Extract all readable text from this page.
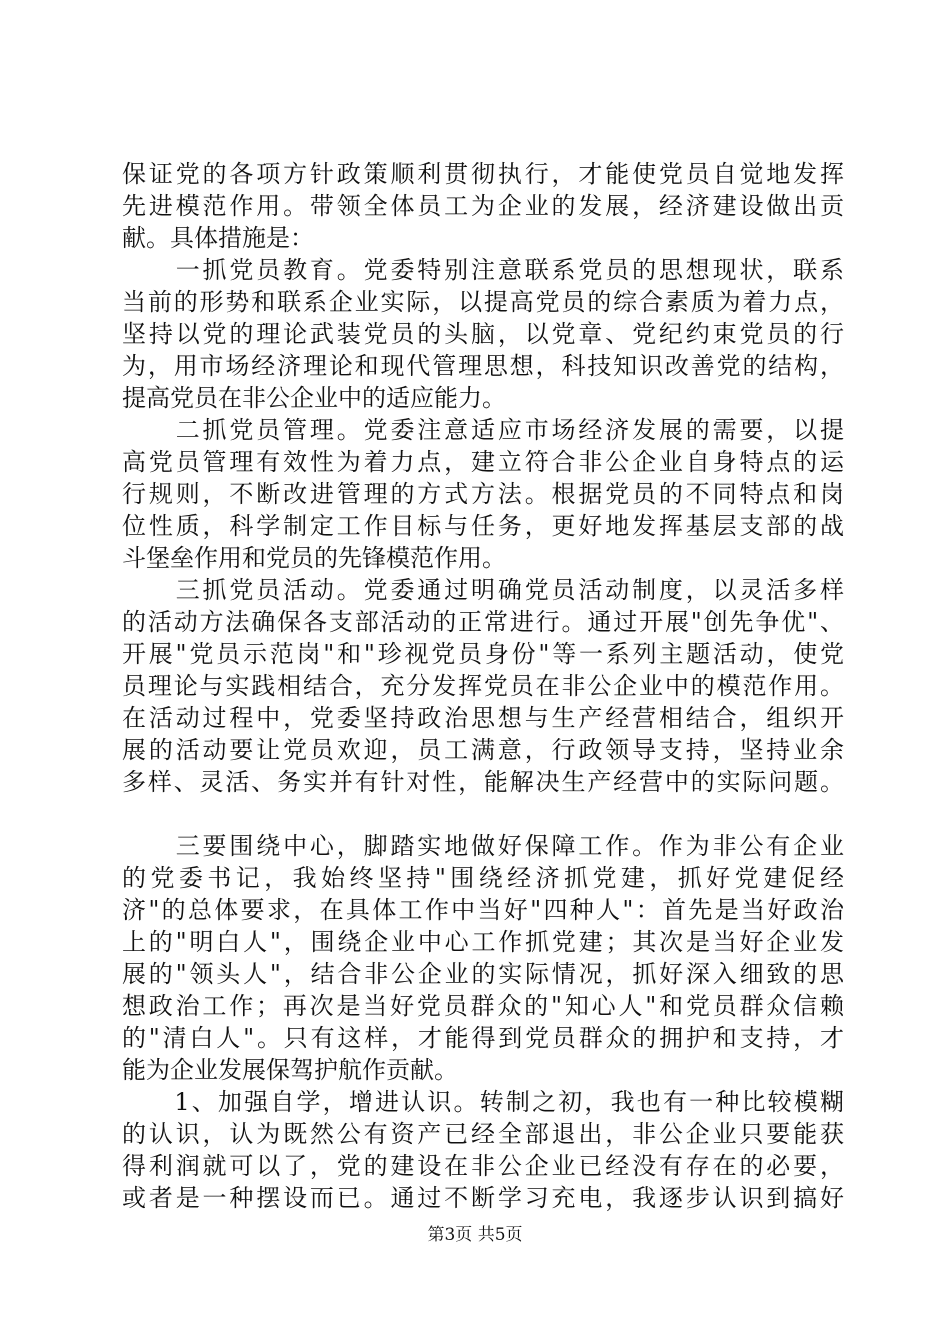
保证党的各项方针政策顺利贯彻执行，才能使党员自觉地发挥
先进模范作用。带领全体员工为企业的发展，经济建设做出贡
献。具体措施是：
　　一抓党员教育。党委特别注意联系党员的思想现状，联系
当前的形势和联系企业实际，以提高党员的综合素质为着力点，
坚持以党的理论武装党员的头脑，以党章、党纪约束党员的行
为，用市场经济理论和现代管理思想，科技知识改善党的结构，
提高党员在非公企业中的适应能力。
　　二抓党员管理。党委注意适应市场经济发展的需要，以提
高党员管理有效性为着力点，建立符合非公企业自身特点的运
行规则，不断改进管理的方式方法。根据党员的不同特点和岗
位性质，科学制定工作目标与任务，更好地发挥基层支部的战
斗堡垒作用和党员的先锋模范作用。
　　三抓党员活动。党委通过明确党员活动制度，以灵活多样
的活动方法确保各支部活动的正常进行。通过开展"创先争优"、
开展"党员示范岗"和"珍视党员身份"等一系列主题活动，使党
员理论与实践相结合，充分发挥党员在非公企业中的模范作用。
在活动过程中，党委坚持政治思想与生产经营相结合，组织开
展的活动要让党员欢迎，员工满意，行政领导支持，坚持业余
多样、灵活、务实并有针对性，能解决生产经营中的实际问题。
　　三要围绕中心，脚踏实地做好保障工作。作为非公有企业
的党委书记，我始终坚持"围绕经济抓党建，抓好党建促经
济"的总体要求，在具体工作中当好"四种人"：首先是当好政治
上的"明白人"，围绕企业中心工作抓党建；其次是当好企业发
展的"领头人"，结合非公企业的实际情况，抓好深入细致的思
想政治工作；再次是当好党员群众的"知心人"和党员群众信赖
的"清白人"。只有这样，才能得到党员群众的拥护和支持，才
能为企业发展保驾护航作贡献。
　　1、加强自学，增进认识。转制之初，我也有一种比较模糊
的认识，认为既然公有资产已经全部退出，非公企业只要能获
得利润就可以了，党的建设在非公企业已经没有存在的必要，
或者是一种摆设而已。通过不断学习充电，我逐步认识到搞好
第3页 共5页
